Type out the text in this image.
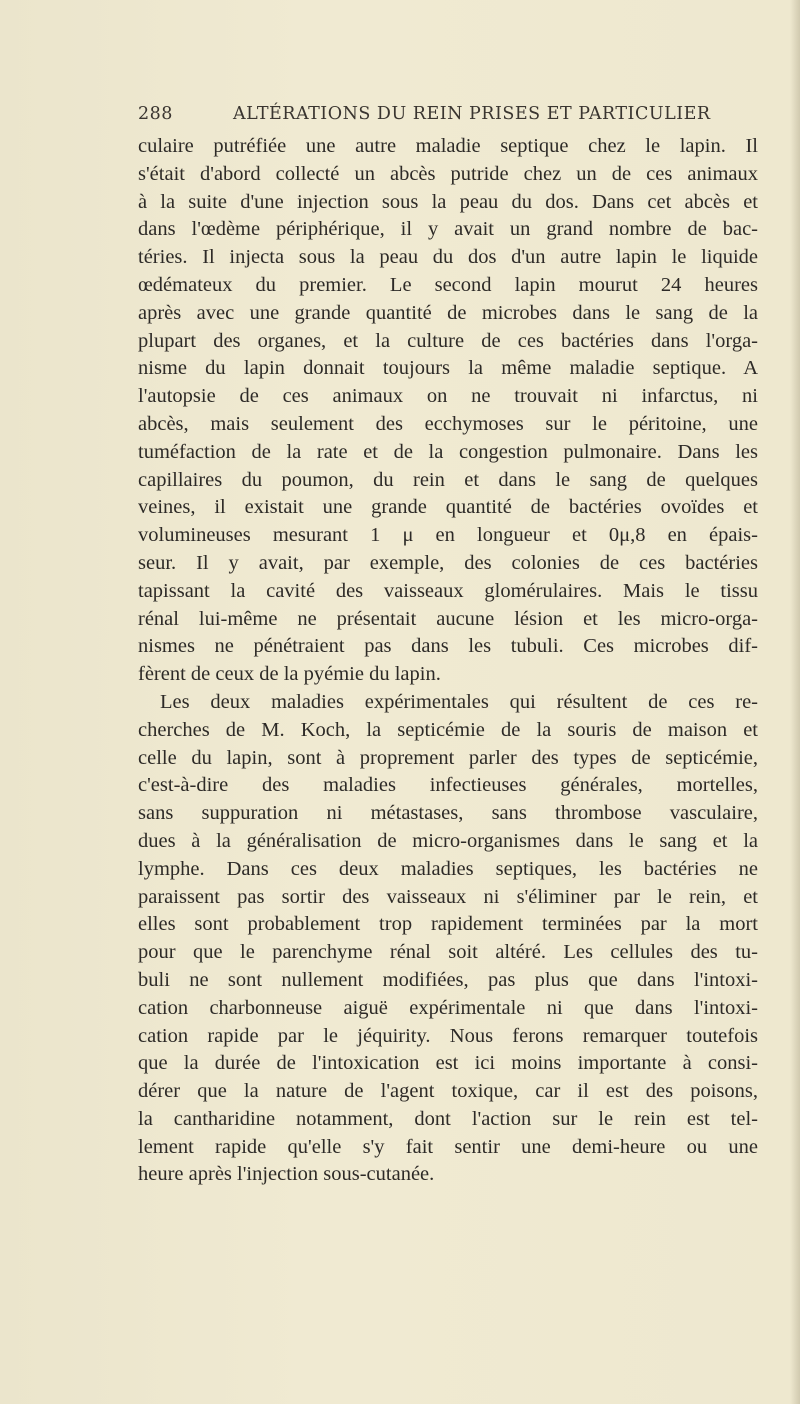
288	ALTÉRATIONS DU REIN PRISES ET PARTICULIER
culaire putréfiée une autre maladie septique chez le lapin. Il
s'était d'abord collecté un abcès putride chez un de ces animaux
à la suite d'une injection sous la peau du dos. Dans cet abcès et
dans l'œdème périphérique, il y avait un grand nombre de bac-
téries. Il injecta sous la peau du dos d'un autre lapin le liquide
œdémateux du premier. Le second lapin mourut 24 heures
après avec une grande quantité de microbes dans le sang de la
plupart des organes, et la culture de ces bactéries dans l'orga-
nisme du lapin donnait toujours la même maladie septique. A
l'autopsie de ces animaux on ne trouvait ni infarctus, ni
abcès, mais seulement des ecchymoses sur le péritoine, une
tuméfaction de la rate et de la congestion pulmonaire. Dans les
capillaires du poumon, du rein et dans le sang de quelques
veines, il existait une grande quantité de bactéries ovoïdes et
volumineuses mesurant 1 μ en longueur et 0μ,8 en épais-
seur. Il y avait, par exemple, des colonies de ces bactéries
tapissant la cavité des vaisseaux glomérulaires. Mais le tissu
rénal lui-même ne présentait aucune lésion et les micro-orga-
nismes ne pénétraient pas dans les tubuli. Ces microbes dif-
fèrent de ceux de la pyémie du lapin.
Les deux maladies expérimentales qui résultent de ces re-
cherches de M. Koch, la septicémie de la souris de maison et
celle du lapin, sont à proprement parler des types de septicémie,
c'est-à-dire des maladies infectieuses générales, mortelles,
sans suppuration ni métastases, sans thrombose vasculaire,
dues à la généralisation de micro-organismes dans le sang et la
lymphe. Dans ces deux maladies septiques, les bactéries ne
paraissent pas sortir des vaisseaux ni s'éliminer par le rein, et
elles sont probablement trop rapidement terminées par la mort
pour que le parenchyme rénal soit altéré. Les cellules des tu-
buli ne sont nullement modifiées, pas plus que dans l'intoxi-
cation charbonneuse aiguë expérimentale ni que dans l'intoxi-
cation rapide par le jéquirity. Nous ferons remarquer toutefois
que la durée de l'intoxication est ici moins importante à consi-
dérer que la nature de l'agent toxique, car il est des poisons,
la cantharidine notamment, dont l'action sur le rein est tel-
lement rapide qu'elle s'y fait sentir une demi-heure ou une
heure après l'injection sous-cutanée.
